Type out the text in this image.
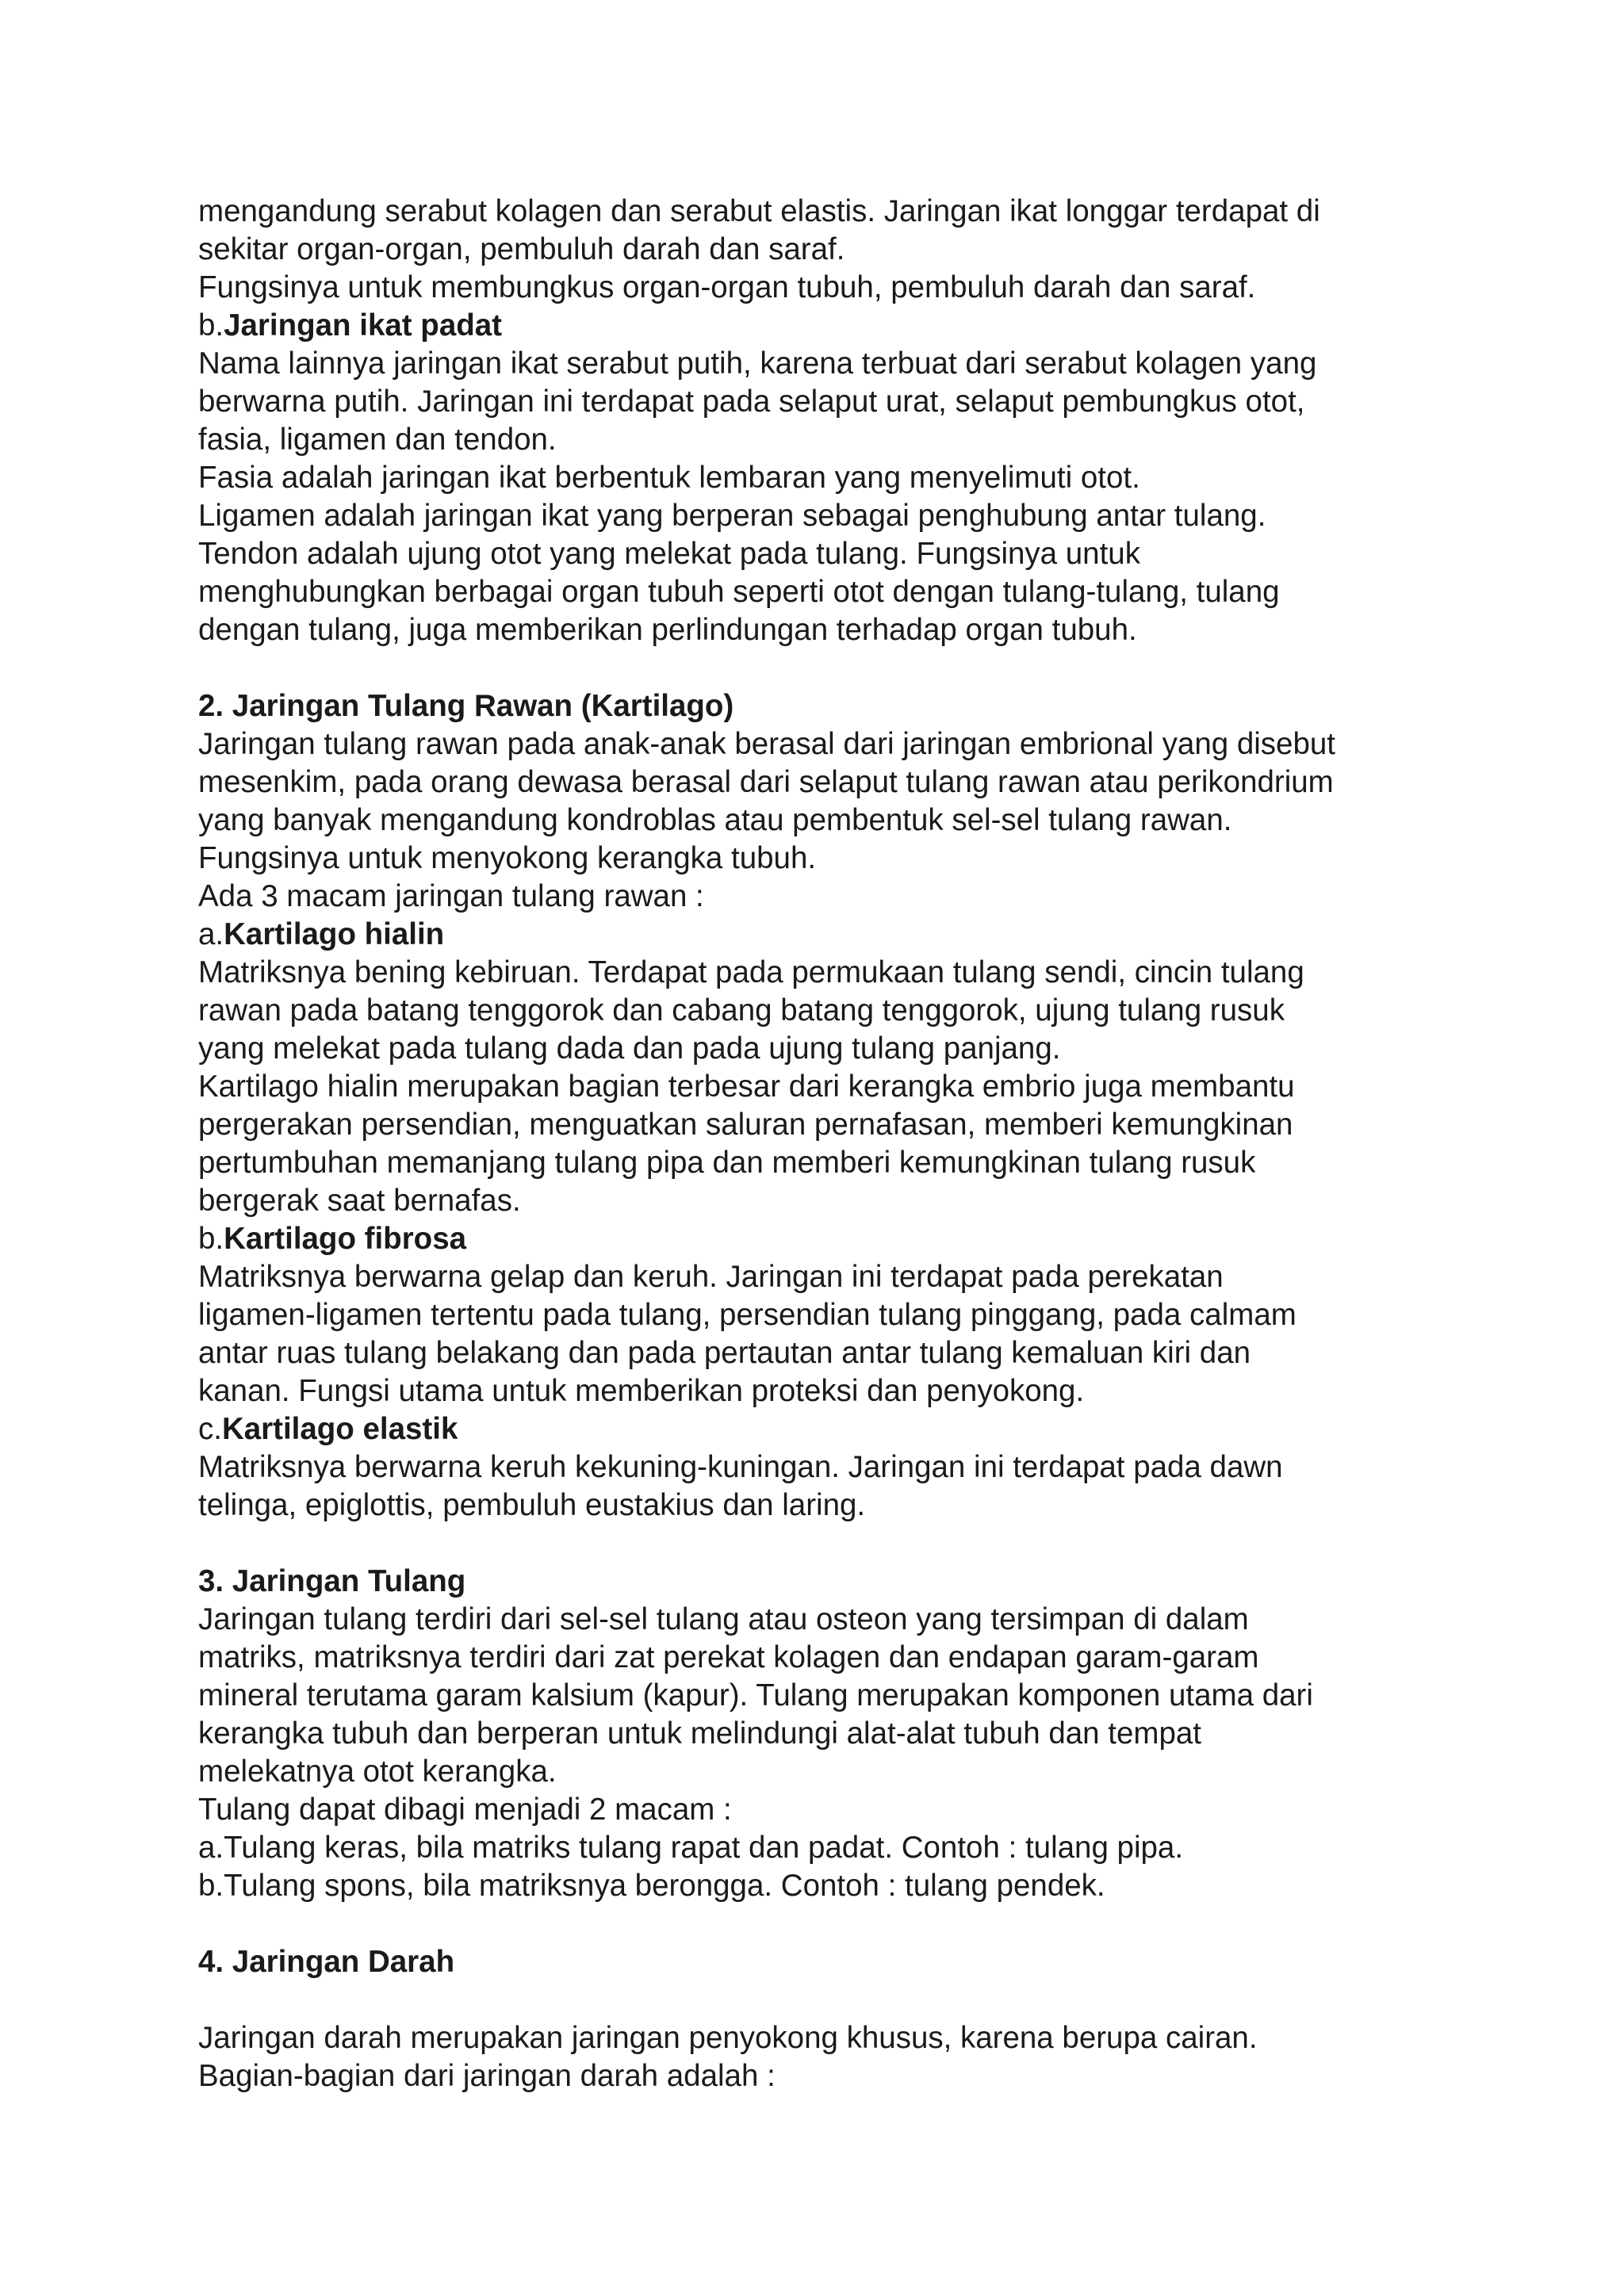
mengandung serabut kolagen dan serabut elastis. Jaringan ikat longgar terdapat di

sekitar organ-organ, pembuluh darah dan saraf.

Fungsinya untuk membungkus organ-organ tubuh, pembuluh darah dan saraf.

b.Jaringan ikat padat

Nama lainnya jaringan ikat serabut putih, karena terbuat dari serabut kolagen yang

berwarna putih. Jaringan ini terdapat pada selaput urat, selaput pembungkus otot,

fasia, ligamen dan tendon.

Fasia adalah jaringan ikat berbentuk lembaran yang menyelimuti otot.

Ligamen adalah jaringan ikat yang berperan sebagai penghubung antar tulang.

Tendon adalah ujung otot yang melekat pada tulang. Fungsinya untuk

menghubungkan berbagai organ tubuh seperti otot dengan tulang-tulang, tulang

dengan tulang, juga memberikan perlindungan terhadap organ tubuh.

2. Jaringan Tulang Rawan (Kartilago)

Jaringan tulang rawan pada anak-anak berasal dari jaringan embrional yang disebut

mesenkim, pada orang dewasa berasal dari selaput tulang rawan atau perikondrium

yang banyak mengandung kondroblas atau pembentuk sel-sel tulang rawan.

Fungsinya untuk menyokong kerangka tubuh.

Ada 3 macam jaringan tulang rawan :

a.Kartilago hialin

Matriksnya bening kebiruan. Terdapat pada permukaan tulang sendi, cincin tulang

rawan pada batang tenggorok dan cabang batang tenggorok, ujung tulang rusuk

yang melekat pada tulang dada dan pada ujung tulang panjang.

Kartilago hialin merupakan bagian terbesar dari kerangka embrio juga membantu

pergerakan persendian, menguatkan saluran pernafasan, memberi kemungkinan

pertumbuhan memanjang tulang pipa dan memberi kemungkinan tulang rusuk

bergerak saat bernafas.

b.Kartilago fibrosa

Matriksnya berwarna gelap dan keruh. Jaringan ini terdapat pada perekatan

ligamen-ligamen tertentu pada tulang, persendian tulang pinggang, pada calmam

antar ruas tulang belakang dan pada pertautan antar tulang kemaluan kiri dan

kanan. Fungsi utama untuk memberikan proteksi dan penyokong.

c.Kartilago elastik

Matriksnya berwarna keruh kekuning-kuningan. Jaringan ini terdapat pada dawn

telinga, epiglottis, pembuluh eustakius dan laring.

3. Jaringan Tulang

Jaringan tulang terdiri dari sel-sel tulang atau osteon yang tersimpan di dalam

matriks, matriksnya terdiri dari zat perekat kolagen dan endapan garam-garam

mineral terutama garam kalsium (kapur). Tulang merupakan komponen utama dari

kerangka tubuh dan berperan untuk melindungi alat-alat tubuh dan tempat

melekatnya otot kerangka.

Tulang dapat dibagi menjadi 2 macam :

a.Tulang keras, bila matriks tulang rapat dan padat. Contoh : tulang pipa.

b.Tulang spons, bila matriksnya berongga. Contoh : tulang pendek.

4. Jaringan Darah

Jaringan darah merupakan jaringan penyokong khusus, karena berupa cairan.

Bagian-bagian dari jaringan darah adalah :
